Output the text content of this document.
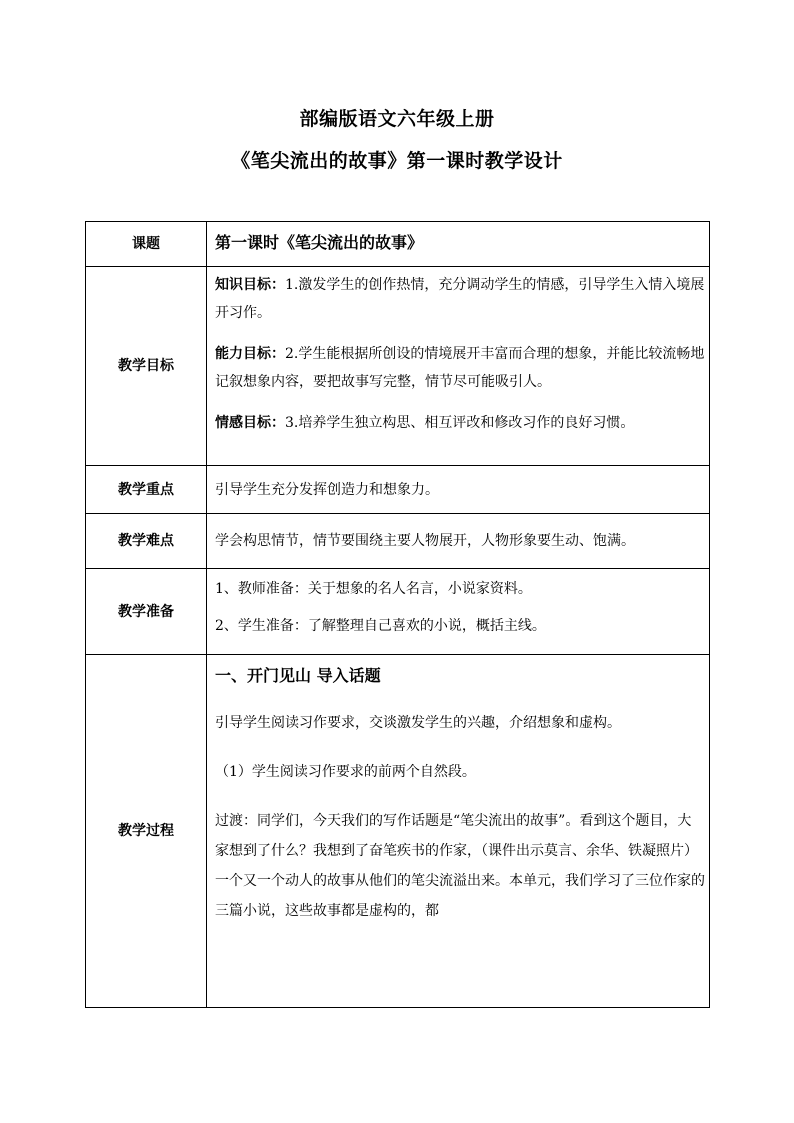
部编版语文六年级上册
《笔尖流出的故事》第一课时教学设计
课题	第一课时《笔尖流出的故事》
教学目标	知识目标：1.激发学生的创作热情，充分调动学生的情感，引导学生入情入境展开习作。

能力目标：2.学生能根据所创设的情境展开丰富而合理的想象，并能比较流畅地记叙想象内容，要把故事写完整，情节尽可能吸引人。

情感目标：3.培养学生独立构思、相互评改和修改习作的良好习惯。

教学重点	引导学生充分发挥创造力和想象力。
教学难点	学会构思情节，情节要围绕主要人物展开，人物形象要生动、饱满。
教学准备	1、教师准备：关于想象的名人名言，小说家资料。

2、学生准备：了解整理自己喜欢的小说，概括主线。

教学过程	一、开门见山 导入话题

引导学生阅读习作要求，交谈激发学生的兴趣，介绍想象和虚构。

（1）学生阅读习作要求的前两个自然段。

过渡：同学们，今天我们的写作话题是“笔尖流出的故事”。看到这个题目，大家想到了什么？我想到了奋笔疾书的作家，（课件出示莫言、余华、铁凝照片）一个又一个动人的故事从他们的笔尖流溢出来。本单元，我们学习了三位作家的三篇小说，这些故事都是虚构的，都
